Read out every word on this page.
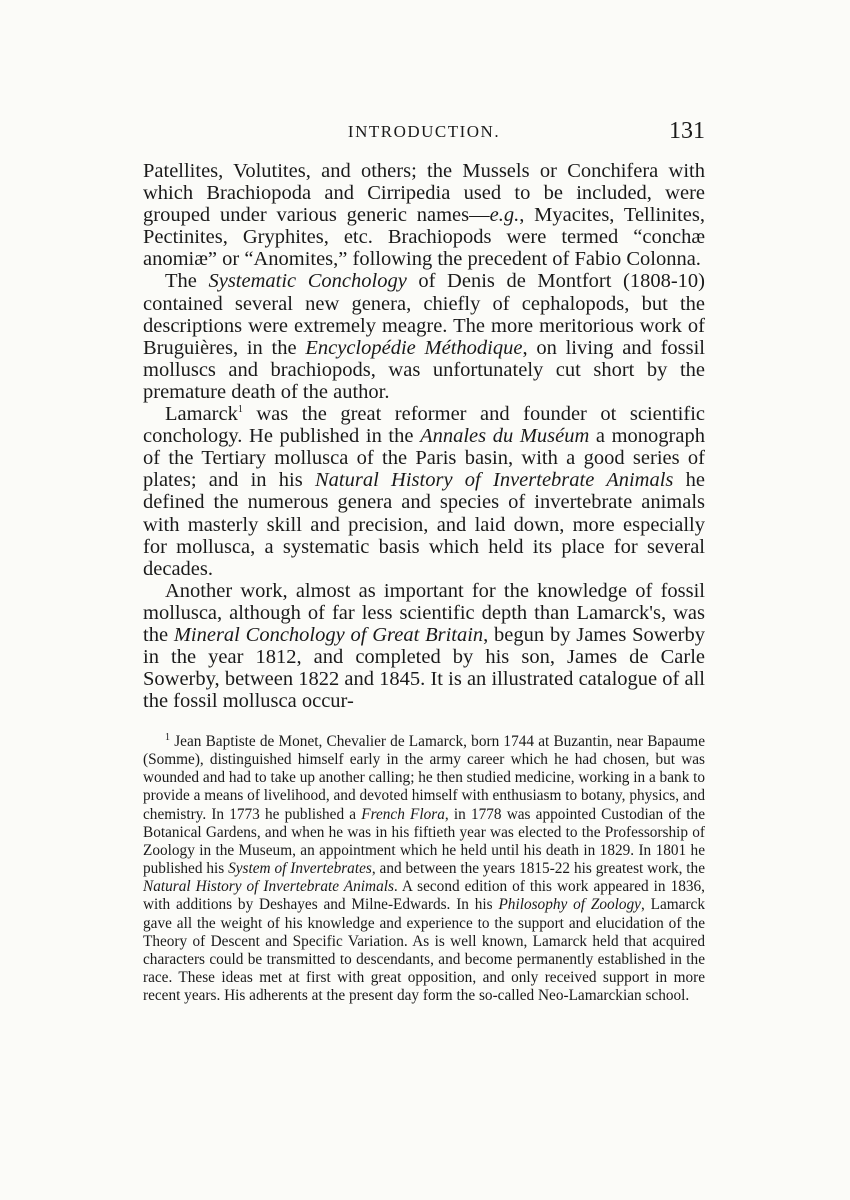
INTRODUCTION.	131

Patellites, Volutites, and others; the Mussels or Conchifera with which Brachiopoda and Cirripedia used to be included, were grouped under various generic names—e.g., Myacites, Tellinites, Pectinites, Gryphites, etc. Brachiopods were termed “conchæ anomiæ” or “Anomites,” following the precedent of Fabio Colonna.

The Systematic Conchology of Denis de Montfort (1808-10) contained several new genera, chiefly of cephalopods, but the descriptions were extremely meagre. The more meritorious work of Bruguières, in the Encyclopédie Méthodique, on living and fossil molluscs and brachiopods, was unfortunately cut short by the premature death of the author.

Lamarck$^1$ was the great reformer and founder ot scientific conchology. He published in the Annales du Muséum a monograph of the Tertiary mollusca of the Paris basin, with a good series of plates; and in his Natural History of Invertebrate Animals he defined the numerous genera and species of invertebrate animals with masterly skill and precision, and laid down, more especially for mollusca, a systematic basis which held its place for several decades.

Another work, almost as important for the knowledge of fossil mollusca, although of far less scientific depth than Lamarck's, was the Mineral Conchology of Great Britain, begun by James Sowerby in the year 1812, and completed by his son, James de Carle Sowerby, between 1822 and 1845. It is an illustrated catalogue of all the fossil mollusca occur-

$^1$ Jean Baptiste de Monet, Chevalier de Lamarck, born 1744 at Buzantin, near Bapaume (Somme), distinguished himself early in the army career which he had chosen, but was wounded and had to take up another calling; he then studied medicine, working in a bank to provide a means of livelihood, and devoted himself with enthusiasm to botany, physics, and chemistry. In 1773 he published a French Flora, in 1778 was appointed Custodian of the Botanical Gardens, and when he was in his fiftieth year was elected to the Professorship of Zoology in the Museum, an appointment which he held until his death in 1829. In 1801 he published his System of Invertebrates, and between the years 1815-22 his greatest work, the Natural History of Invertebrate Animals. A second edition of this work appeared in 1836, with additions by Deshayes and Milne-Edwards. In his Philosophy of Zoology, Lamarck gave all the weight of his knowledge and experience to the support and elucidation of the Theory of Descent and Specific Variation. As is well known, Lamarck held that acquired characters could be transmitted to descendants, and become permanently established in the race. These ideas met at first with great opposition, and only received support in more recent years. His adherents at the present day form the so-called Neo-Lamarckian school.
